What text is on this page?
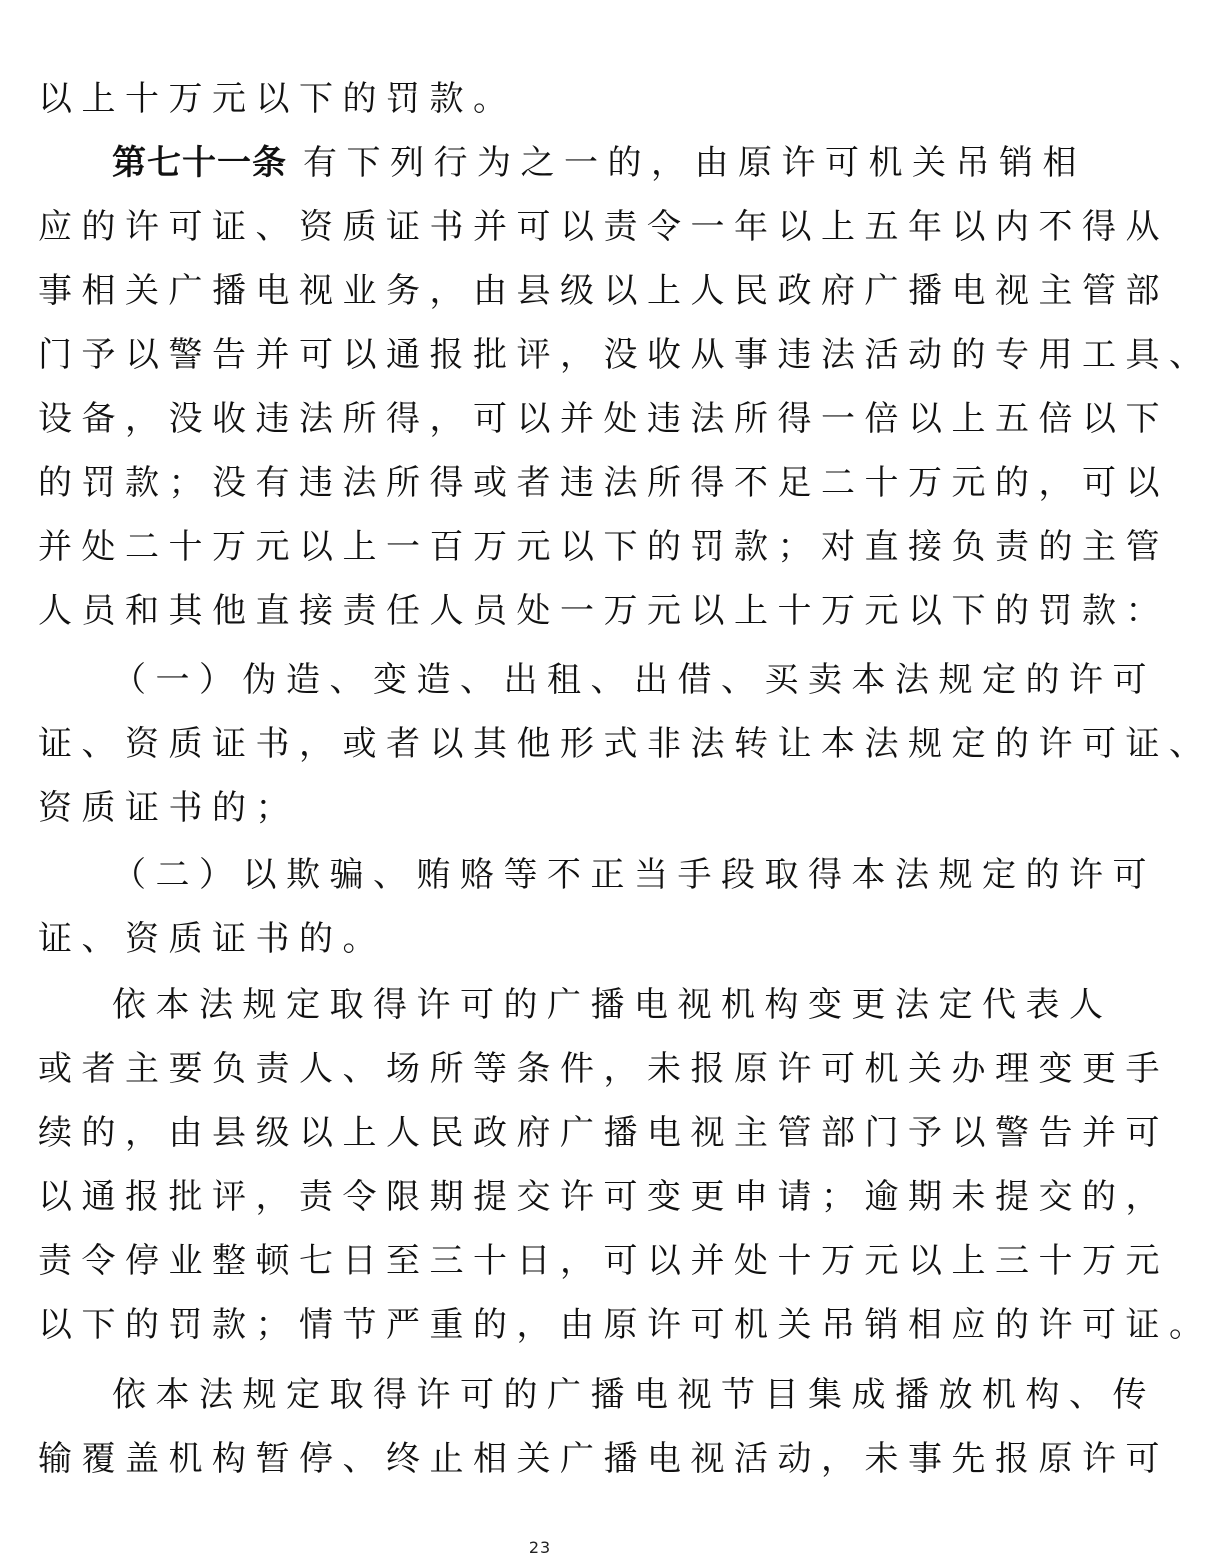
以上十万元以下的罚款。
第七十一条 有下列行为之一的，由原许可机关吊销相
应的许可证、资质证书并可以责令一年以上五年以内不得从
事相关广播电视业务，由县级以上人民政府广播电视主管部
门予以警告并可以通报批评，没收从事违法活动的专用工具、
设备，没收违法所得，可以并处违法所得一倍以上五倍以下
的罚款；没有违法所得或者违法所得不足二十万元的，可以
并处二十万元以上一百万元以下的罚款；对直接负责的主管
人员和其他直接责任人员处一万元以上十万元以下的罚款：
（一）伪造、变造、出租、出借、买卖本法规定的许可
证、资质证书，或者以其他形式非法转让本法规定的许可证、
资质证书的；
（二）以欺骗、贿赂等不正当手段取得本法规定的许可
证、资质证书的。
依本法规定取得许可的广播电视机构变更法定代表人
或者主要负责人、场所等条件，未报原许可机关办理变更手
续的，由县级以上人民政府广播电视主管部门予以警告并可
以通报批评，责令限期提交许可变更申请；逾期未提交的，
责令停业整顿七日至三十日，可以并处十万元以上三十万元
以下的罚款；情节严重的，由原许可机关吊销相应的许可证。
依本法规定取得许可的广播电视节目集成播放机构、传
输覆盖机构暂停、终止相关广播电视活动，未事先报原许可
23
